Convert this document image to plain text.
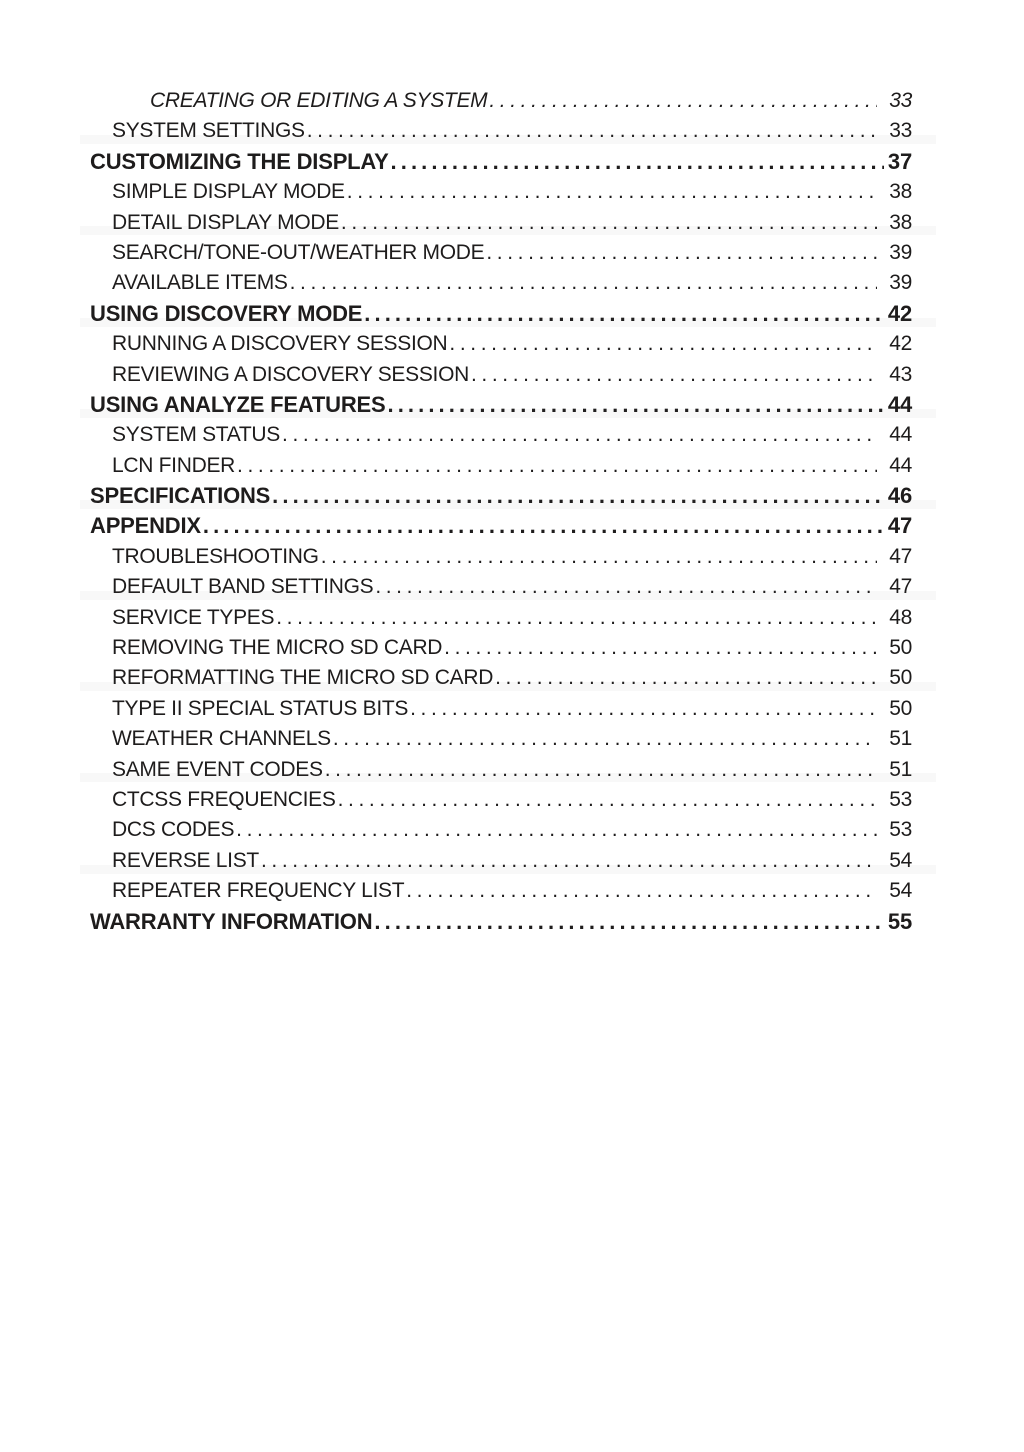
CREATING OR EDITING A SYSTEM .....	33
SYSTEM SETTINGS .....	33
CUSTOMIZING THE DISPLAY .....	37
SIMPLE DISPLAY MODE .....	38
DETAIL DISPLAY MODE .....	38
SEARCH/TONE-OUT/WEATHER MODE .....	39
AVAILABLE ITEMS .....	39
USING DISCOVERY MODE .....	42
RUNNING A DISCOVERY SESSION .....	42
REVIEWING A DISCOVERY SESSION .....	43
USING ANALYZE FEATURES .....	44
SYSTEM STATUS .....	44
LCN FINDER .....	44
SPECIFICATIONS .....	46
APPENDIX .....	47
TROUBLESHOOTING .....	47
DEFAULT BAND SETTINGS .....	47
SERVICE TYPES .....	48
REMOVING THE MICRO SD CARD .....	50
REFORMATTING THE MICRO SD CARD .....	50
TYPE II SPECIAL STATUS BITS .....	50
WEATHER CHANNELS .....	51
SAME EVENT CODES .....	51
CTCSS FREQUENCIES .....	53
DCS CODES .....	53
REVERSE LIST .....	54
REPEATER FREQUENCY LIST .....	54
WARRANTY INFORMATION .....	55
